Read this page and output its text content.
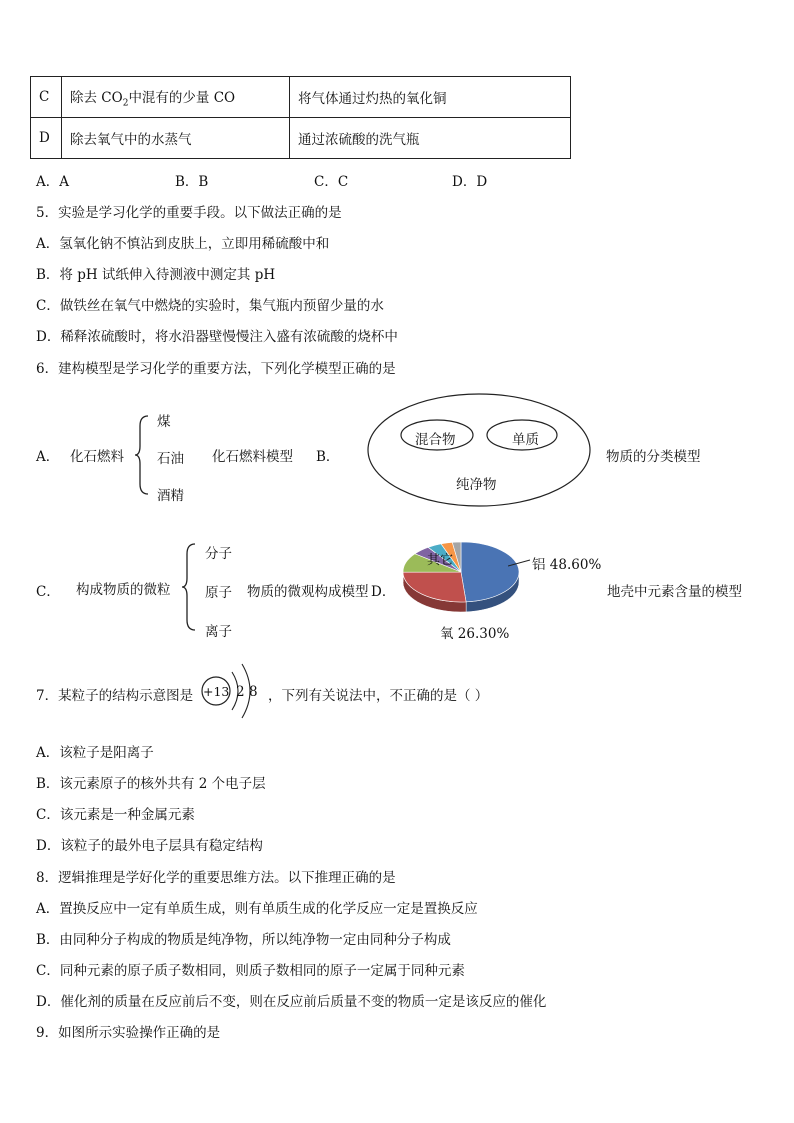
C	除去 $CO_2$中混有的少量 CO	将气体通过灼热的氧化铜
D	除去氧气中的水蒸气	通过浓硫酸的洗气瓶
A．A	B．B	C．C	D．D
5．实验是学习化学的重要手段。以下做法正确的是
A．氢氧化钠不慎沾到皮肤上，立即用稀硫酸中和
B．将 pH 试纸伸入待测液中测定其 pH
C．做铁丝在氧气中燃烧的实验时，集气瓶内预留少量的水
D．稀释浓硫酸时，将水沿器壁慢慢注入盛有浓硫酸的烧杯中
6．建构模型是学习化学的重要方法，下列化学模型正确的是
A． 化石燃料
煤
石油
酒精
化石燃料模型 B．
混合物	单质
纯净物
物质的分类模型
C． 构成物质的微粒
分子
原子
离子
物质的微观构成模型 D．
其它	铝 48.60%
氧 26.30%
地壳中元素含量的模型
7．某粒子的结构示意图是 +13 2 8 ，下列有关说法中，不正确的是（ ）
A．该粒子是阳离子
B．该元素原子的核外共有 2 个电子层
C．该元素是一种金属元素
D．该粒子的最外电子层具有稳定结构
8．逻辑推理是学好化学的重要思维方法。以下推理正确的是
A．置换反应中一定有单质生成，则有单质生成的化学反应一定是置换反应
B．由同种分子构成的物质是纯净物，所以纯净物一定由同种分子构成
C．同种元素的原子质子数相同，则质子数相同的原子一定属于同种元素
D．催化剂的质量在反应前后不变，则在反应前后质量不变的物质一定是该反应的催化
9．如图所示实验操作正确的是
